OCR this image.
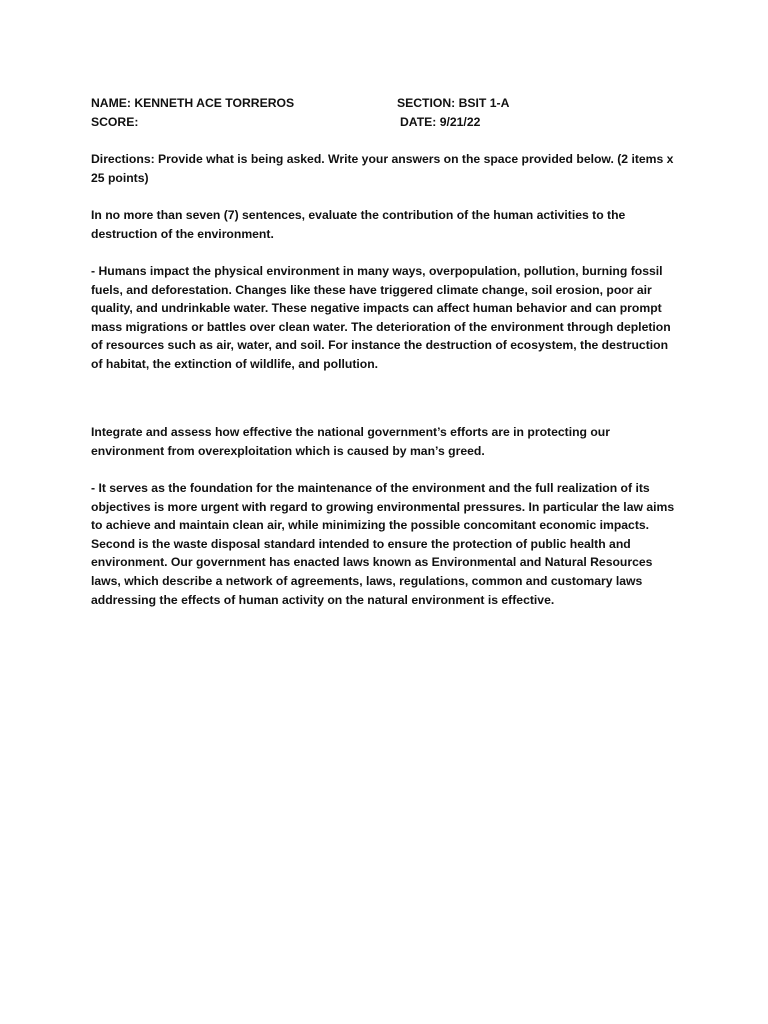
NAME: KENNETH ACE TORREROS	SECTION: BSIT 1-A
SCORE:	DATE: 9/21/22

Directions: Provide what is being asked. Write your answers on the space provided below. (2 items x 25 points)

In no more than seven (7) sentences, evaluate the contribution of the human activities to the destruction of the environment.

- Humans impact the physical environment in many ways, overpopulation, pollution, burning fossil fuels, and deforestation. Changes like these have triggered climate change, soil erosion, poor air quality, and undrinkable water. These negative impacts can affect human behavior and can prompt mass migrations or battles over clean water. The deterioration of the environment through depletion of resources such as air, water, and soil. For instance the destruction of ecosystem, the destruction of habitat, the extinction of wildlife, and pollution.

Integrate and assess how effective the national government’s efforts are in protecting our environment from overexploitation which is caused by man’s greed.

- It serves as the foundation for the maintenance of the environment and the full realization of its objectives is more urgent with regard to growing environmental pressures. In particular the law aims to achieve and maintain clean air, while minimizing the possible concomitant economic impacts. Second is the waste disposal standard intended to ensure the protection of public health and environment. Our government has enacted laws known as Environmental and Natural Resources laws, which describe a network of agreements, laws, regulations, common and customary laws addressing the effects of human activity on the natural environment is effective.
